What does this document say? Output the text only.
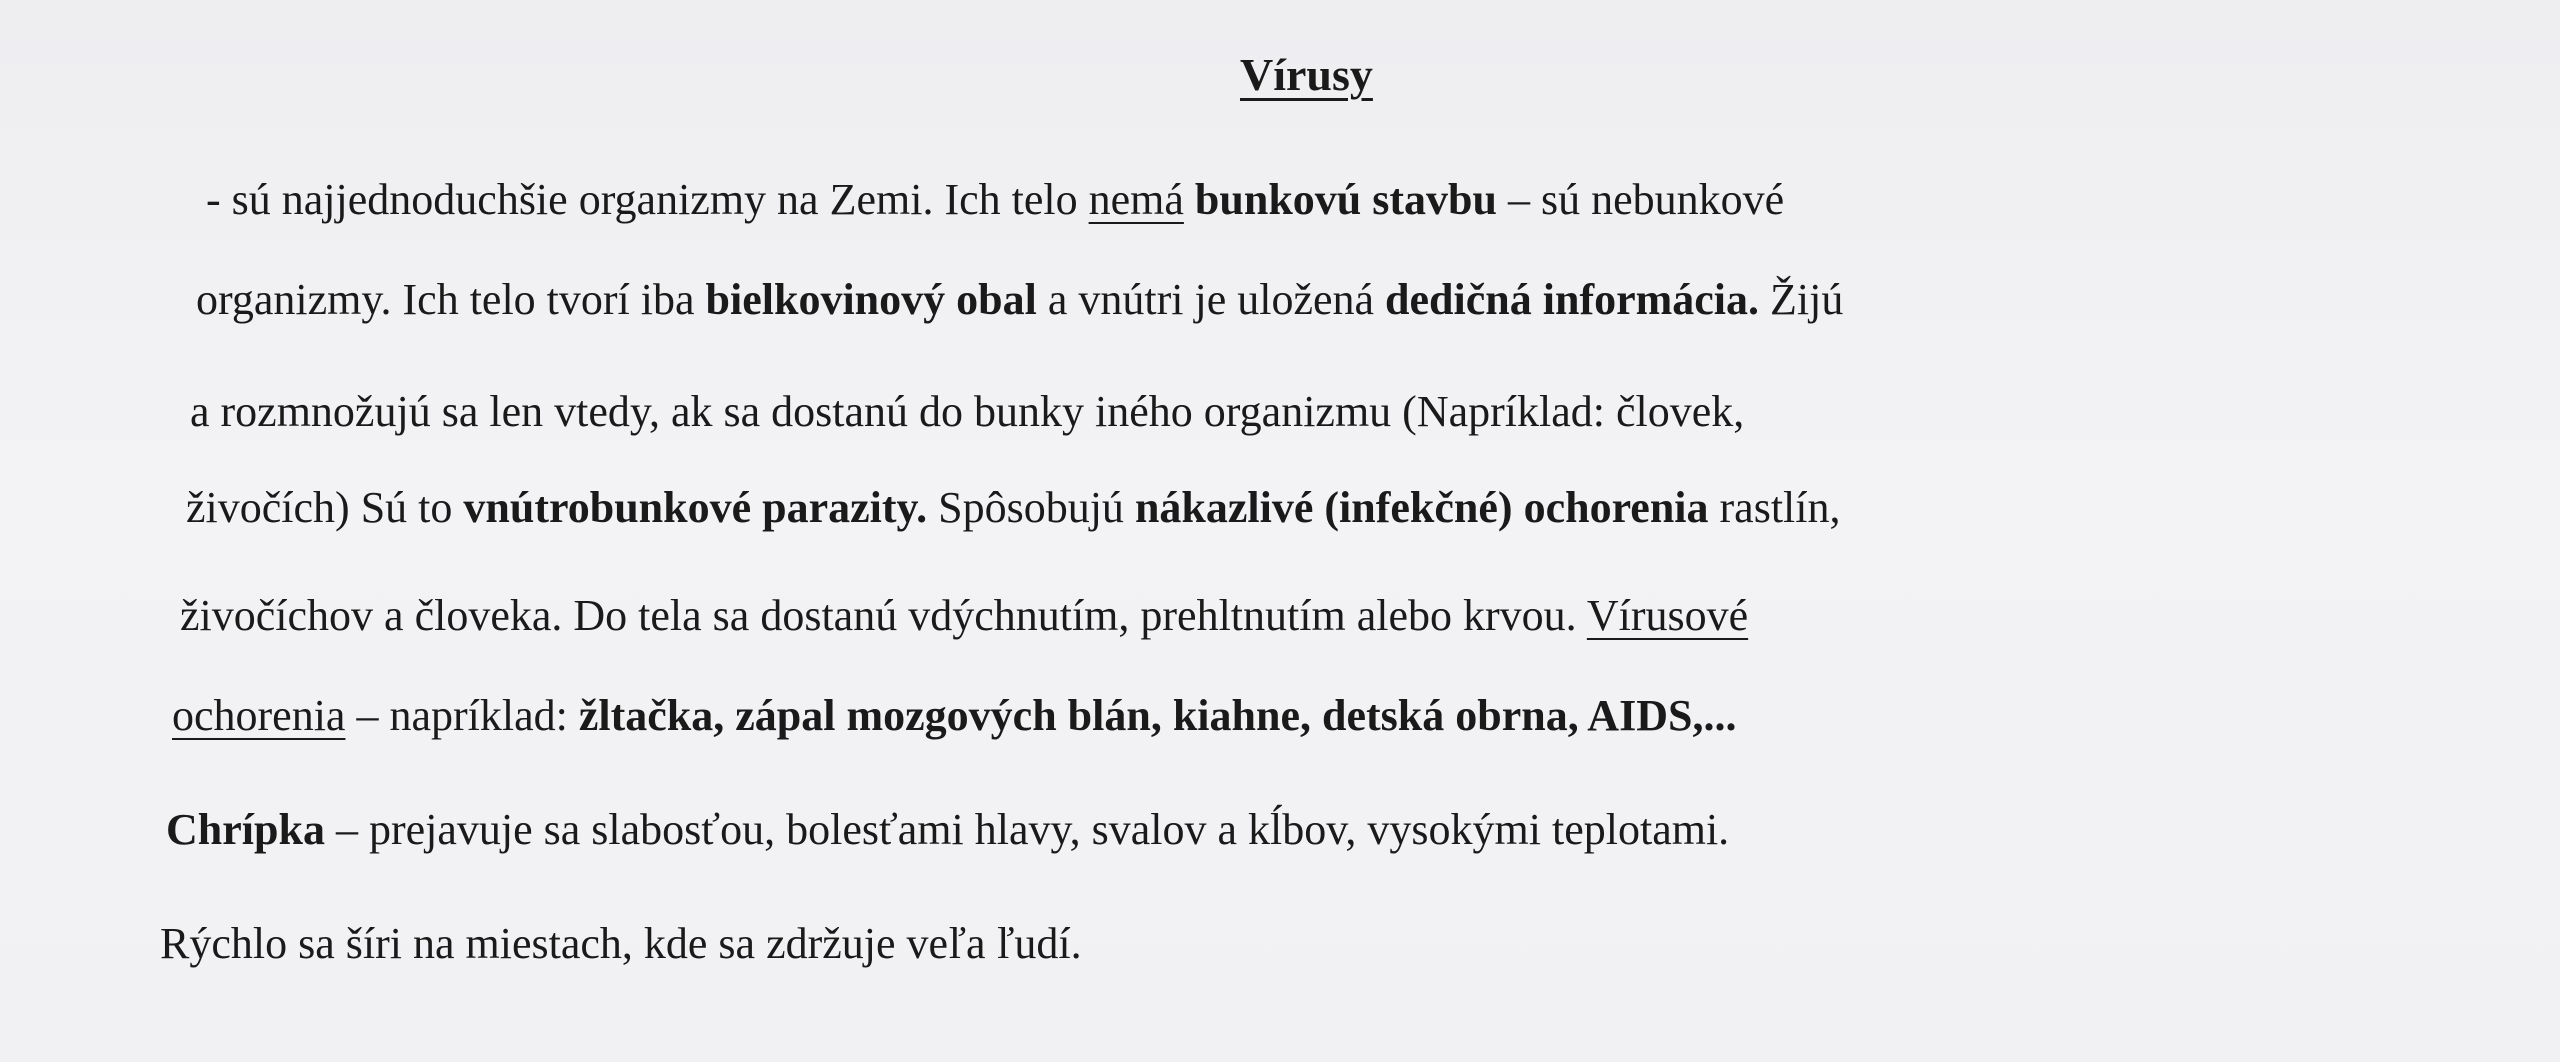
Vírusy
- sú najjednoduchšie organizmy na Zemi. Ich telo nemá bunkovú stavbu – sú nebunkové
organizmy. Ich telo tvorí iba bielkovinový obal a vnútri je uložená dedičná informácia. Žijú
a rozmnožujú sa len vtedy, ak sa dostanú do bunky iného organizmu (Napríklad: človek,
živočích) Sú to vnútrobunkové parazity. Spôsobujú nákazlivé (infekčné) ochorenia rastlín,
živočíchov a človeka. Do tela sa dostanú vdýchnutím, prehltnutím alebo krvou. Vírusové
ochorenia – napríklad: žltačka, zápal mozgových blán, kiahne, detská obrna, AIDS,...
Chrípka – prejavuje sa slabosťou, bolesťami hlavy, svalov a kĺbov, vysokými teplotami.
Rýchlo sa šíri na miestach, kde sa zdržuje veľa ľudí.
